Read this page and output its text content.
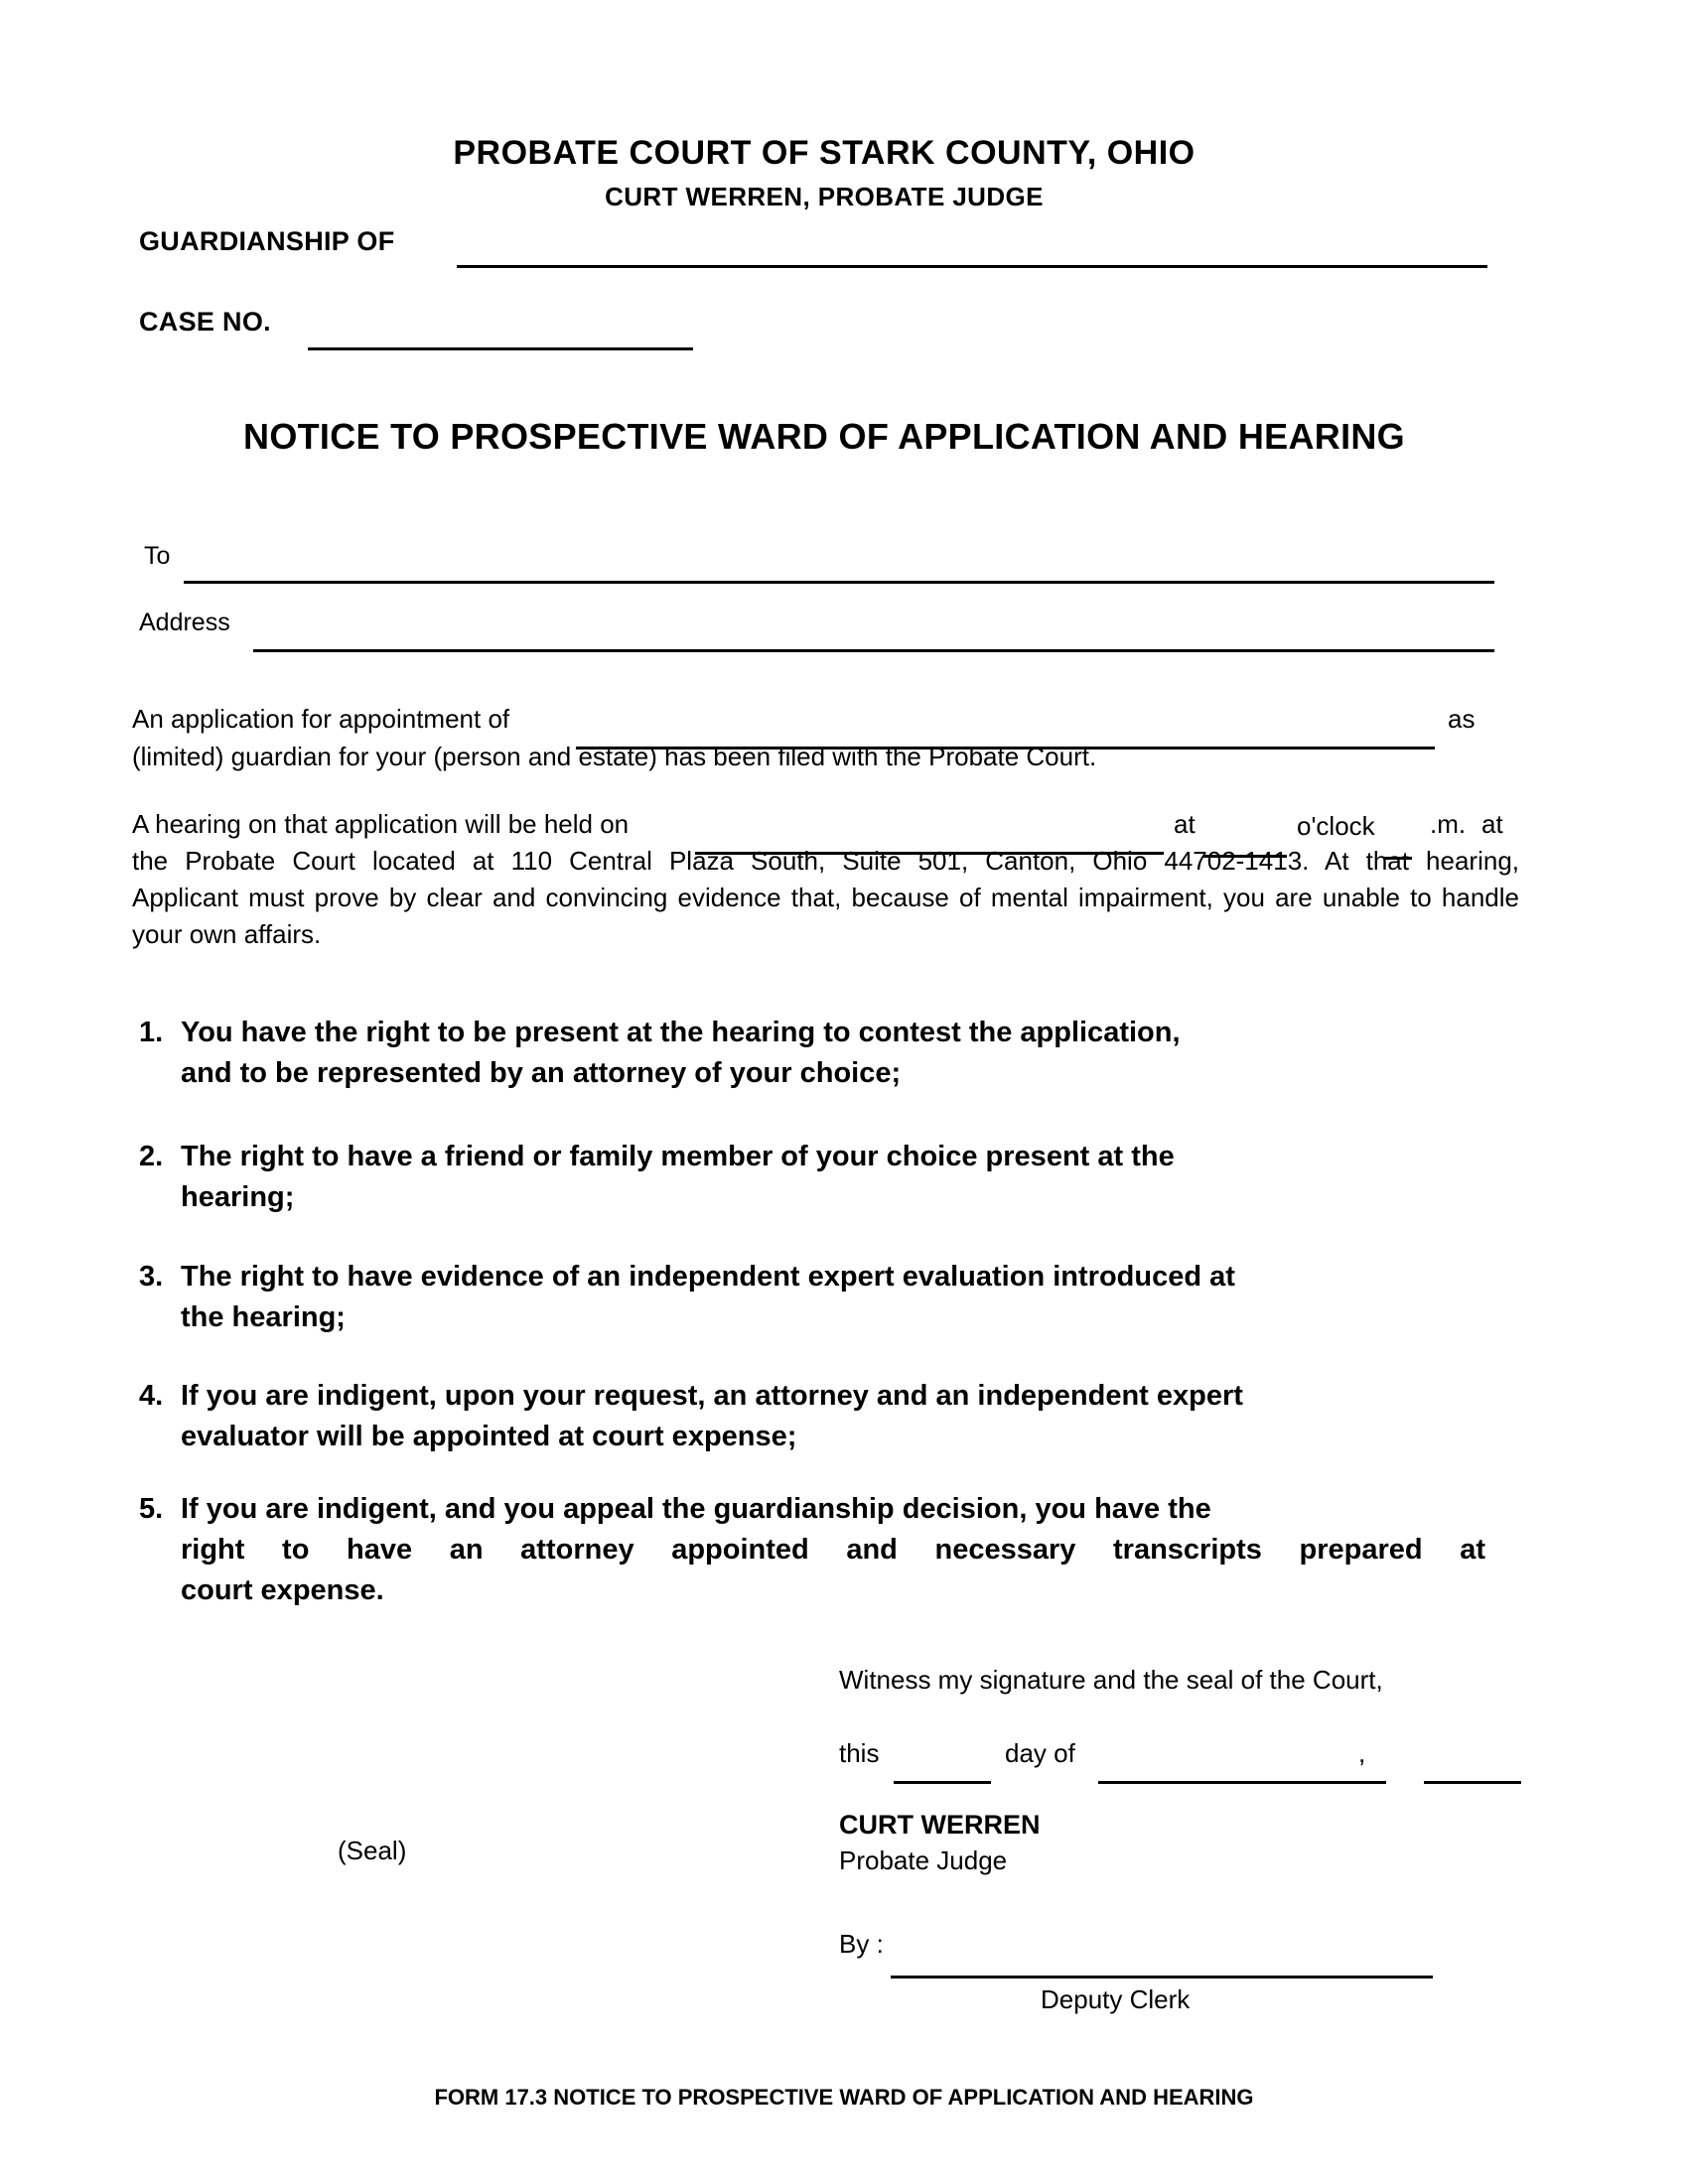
PROBATE COURT OF STARK COUNTY, OHIO
CURT WERREN, PROBATE JUDGE
GUARDIANSHIP OF
CASE NO.
NOTICE TO PROSPECTIVE WARD OF APPLICATION AND HEARING
To
Address
An application for appointment of	as
(limited) guardian for your (person and estate) has been filed with the Probate Court.
A hearing on that application will be held on	at	o'clock .m. at
the Probate Court located at 110 Central Plaza South, Suite 501, Canton, Ohio 44702-1413. At that hearing,
Applicant must prove by clear and convincing evidence that, because of mental impairment, you are unable to handle
your own affairs.
1. You have the right to be present at the hearing to contest the application,
and to be represented by an attorney of your choice;
2. The right to have a friend or family member of your choice present at the
hearing;
3. The right to have evidence of an independent expert evaluation introduced at
the hearing;
4. If you are indigent, upon your request, an attorney and an independent expert
evaluator will be appointed at court expense;
5. If you are indigent, and you appeal the guardianship decision, you have the
right to have an attorney appointed and necessary transcripts prepared at
court expense.
Witness my signature and the seal of the Court,
this	day of	,
CURT WERREN
Probate Judge
(Seal)
By :
Deputy Clerk
FORM 17.3 NOTICE TO PROSPECTIVE WARD OF APPLICATION AND HEARING
